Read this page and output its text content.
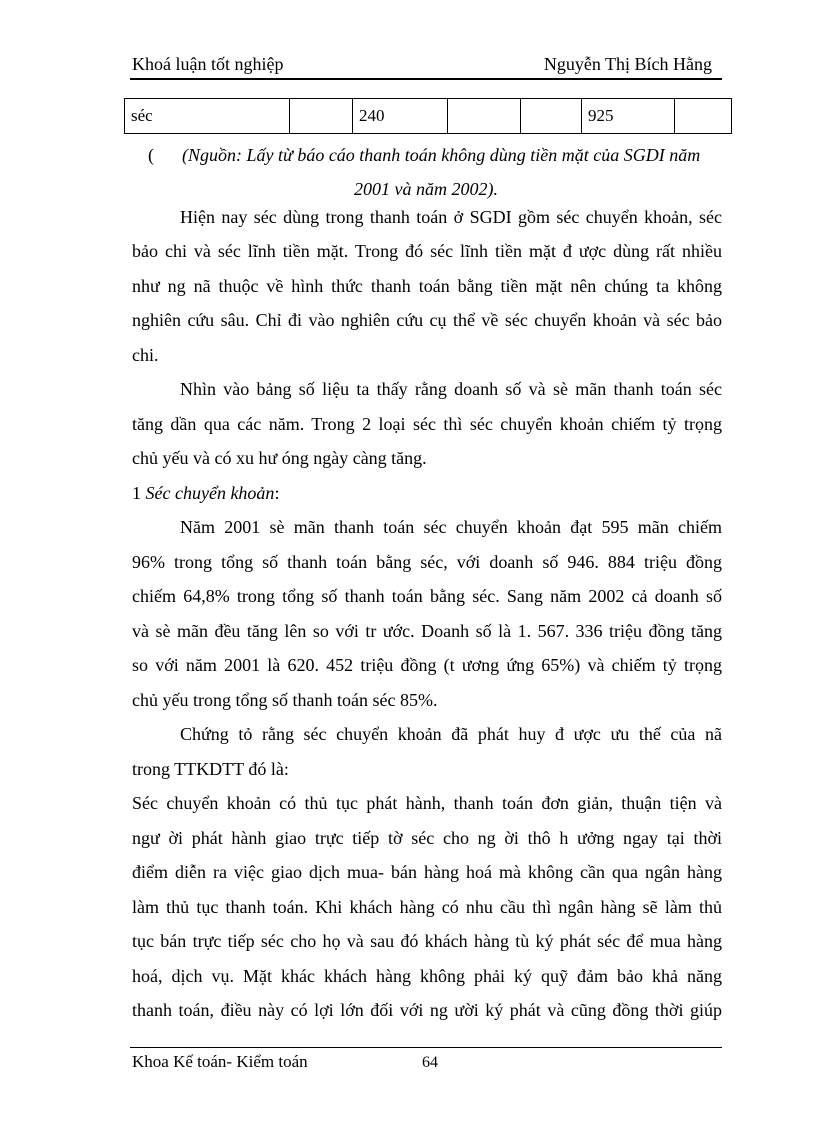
Khoá luận tốt nghiệp	Nguyễn Thị Bích Hằng
séc		240			925	
( (Nguồn: Lấy từ báo cáo thanh toán không dùng tiền mặt của SGDI năm
2001 và năm 2002).
Hiện nay séc dùng trong thanh toán ở SGDI gồm séc chuyển khoản, séc
bảo chi và séc lĩnh tiền mặt. Trong đó séc lĩnh tiền mặt đ ược dùng rất nhiều
như ng nã thuộc về hình thức thanh toán bằng tiền mặt nên chúng ta không
nghiên cứu sâu. Chỉ đi vào nghiên cứu cụ thể về séc chuyển khoản và séc bảo
chi.
Nhìn vào bảng số liệu ta thấy rằng doanh số và sè mãn thanh toán séc
tăng dần qua các năm. Trong 2 loại séc thì séc chuyển khoản chiếm tỷ trọng
chủ yếu và có xu hư óng ngày càng tăng.
1 Séc chuyển khoản:
Năm 2001 sè mãn thanh toán séc chuyển khoản đạt 595 mãn chiếm
96% trong tổng số thanh toán bằng séc, với doanh số 946. 884 triệu đồng
chiếm 64,8% trong tổng số thanh toán bằng séc. Sang năm 2002 cả doanh số
và sè mãn đều tăng lên so với tr ước. Doanh số là 1. 567. 336 triệu đồng tăng
so với năm 2001 là 620. 452 triệu đồng (t ương ứng 65%) và chiếm tỷ trọng
chủ yếu trong tổng số thanh toán séc 85%.
Chứng tỏ rằng séc chuyển khoản đã phát huy đ ược ưu thế của nã
trong TTKDTT đó là:
Séc chuyển khoản có thủ tục phát hành, thanh toán đơn giản, thuận tiện và
ngư ời phát hành giao trực tiếp tờ séc cho ng ời thô h ưởng ngay tại thời
điểm diễn ra việc giao dịch mua- bán hàng hoá mà không cần qua ngân hàng
làm thủ tục thanh toán. Khi khách hàng có nhu cầu thì ngân hàng sẽ làm thủ
tục bán trực tiếp séc cho họ và sau đó khách hàng tù ký phát séc để mua hàng
hoá, dịch vụ. Mặt khác khách hàng không phải ký quỹ đảm bảo khả năng
thanh toán, điều này có lợi lớn đối với ng ười ký phát và cũng đồng thời giúp
Khoa Kế toán- Kiểm toán	64
